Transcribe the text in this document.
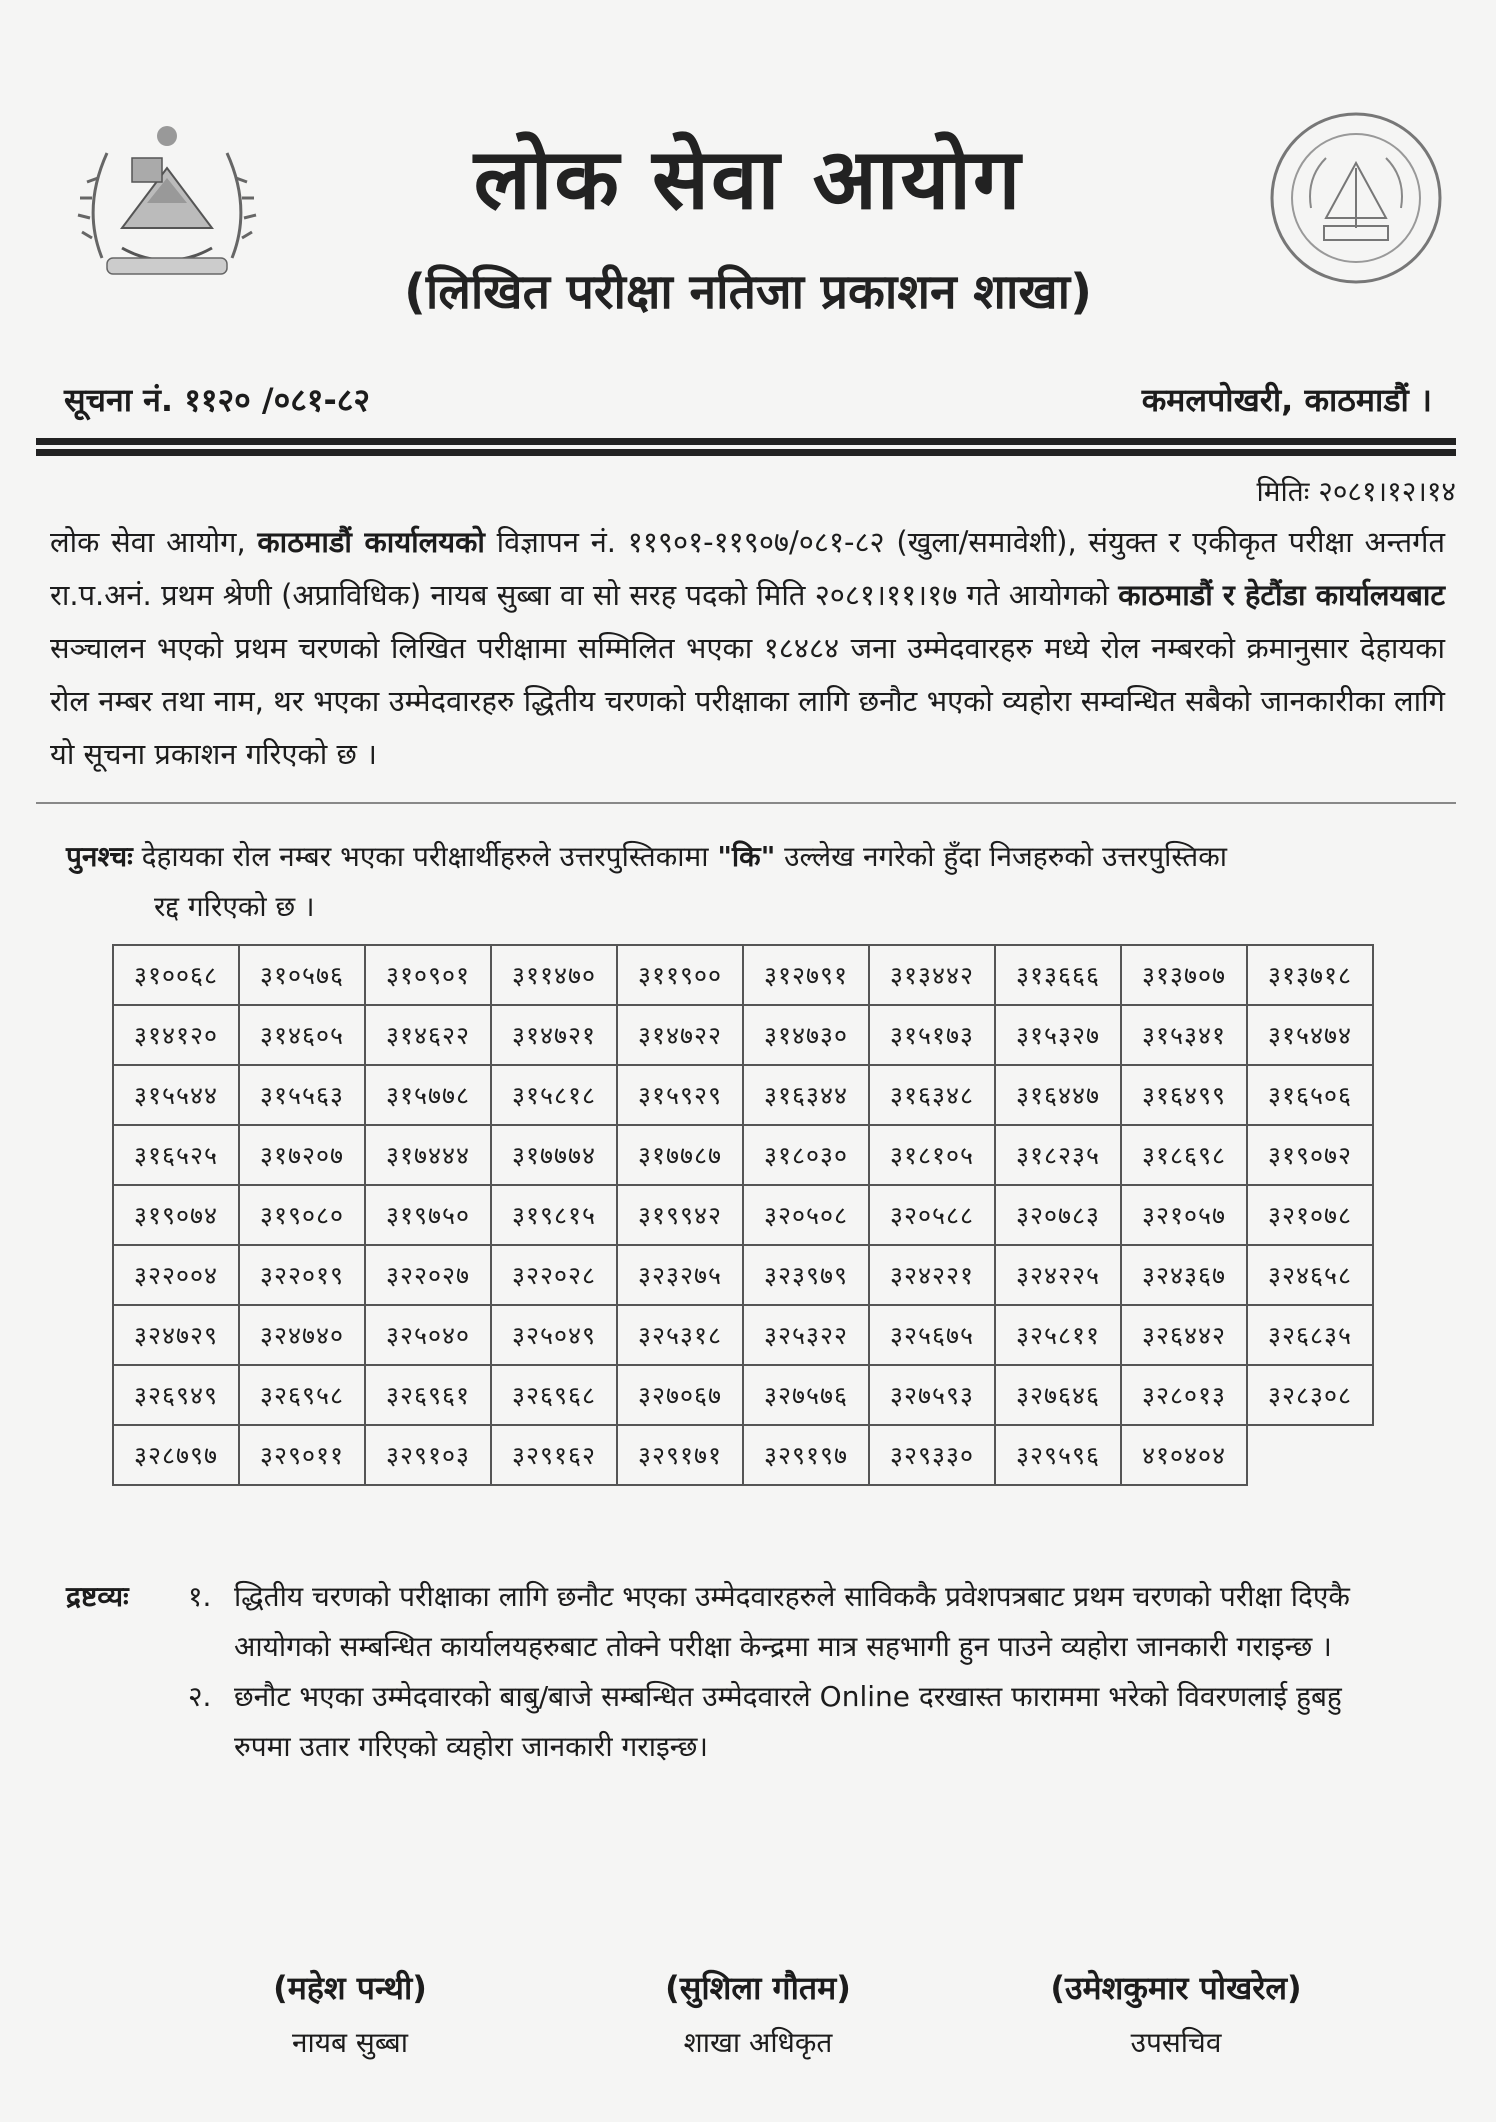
लोक सेवा आयोग
(लिखित परीक्षा नतिजा प्रकाशन शाखा)
सूचना नं. ११२० /०८१-८२	कमलपोखरी, काठमाडौं ।
मितिः २०८१।१२।१४
लोक सेवा आयोग, काठमाडौं कार्यालयको विज्ञापन नं. ११९०१-११९०७/०८१-८२ (खुला/समावेशी), संयुक्त र एकीकृत परीक्षा अन्तर्गत रा.प.अनं. प्रथम श्रेणी (अप्राविधिक) नायब सुब्बा वा सो सरह पदको मिति २०८१।११।१७ गते आयोगको काठमाडौं र हेटौंडा कार्यालयबाट सञ्चालन भएको प्रथम चरणको लिखित परीक्षामा सम्मिलित भएका १८४८४ जना उम्मेदवारहरु मध्ये रोल नम्बरको क्रमानुसार देहायका रोल नम्बर तथा नाम, थर भएका उम्मेदवारहरु द्धितीय चरणको परीक्षाका लागि छनौट भएको व्यहोरा सम्वन्धित सबैको जानकारीका लागि यो सूचना प्रकाशन गरिएको छ ।
पुनश्चः देहायका रोल नम्बर भएका परीक्षार्थीहरुले उत्तरपुस्तिकामा "कि" उल्लेख नगरेको हुँदा निजहरुको उत्तरपुस्तिका
रद्द गरिएको छ ।
३१००६८	३१०५७६	३१०९०१	३११४७०	३११९००	३१२७९१	३१३४४२	३१३६६६	३१३७०७	३१३७१८
३१४१२०	३१४६०५	३१४६२२	३१४७२१	३१४७२२	३१४७३०	३१५१७३	३१५३२७	३१५३४१	३१५४७४
३१५५४४	३१५५६३	३१५७७८	३१५८१८	३१५९२९	३१६३४४	३१६३४८	३१६४४७	३१६४९९	३१६५०६
३१६५२५	३१७२०७	३१७४४४	३१७७७४	३१७७८७	३१८०३०	३१८१०५	३१८२३५	३१८६९८	३१९०७२
३१९०७४	३१९०८०	३१९७५०	३१९८१५	३१९९४२	३२०५०८	३२०५८८	३२०७८३	३२१०५७	३२१०७८
३२२००४	३२२०१९	३२२०२७	३२२०२८	३२३२७५	३२३९७९	३२४२२१	३२४२२५	३२४३६७	३२४६५८
३२४७२९	३२४७४०	३२५०४०	३२५०४९	३२५३१८	३२५३२२	३२५६७५	३२५८११	३२६४४२	३२६८३५
३२६९४९	३२६९५८	३२६९६१	३२६९६८	३२७०६७	३२७५७६	३२७५९३	३२७६४६	३२८०१३	३२८३०८
३२८७९७	३२९०११	३२९१०३	३२९१६२	३२९१७१	३२९१९७	३२९३३०	३२९५९६	४१०४०४	
द्रष्टव्यः	१. द्धितीय चरणको परीक्षाका लागि छनौट भएका उम्मेदवारहरुले साविककै प्रवेशपत्रबाट प्रथम चरणको परीक्षा दिएकै आयोगको सम्बन्धित कार्यालयहरुबाट तोक्ने परीक्षा केन्द्रमा मात्र सहभागी हुन पाउने व्यहोरा जानकारी गराइन्छ ।
२. छनौट भएका उम्मेदवारको बाबु/बाजे सम्बन्धित उम्मेदवारले Online दरखास्त फाराममा भरेको विवरणलाई हुबहु रुपमा उतार गरिएको व्यहोरा जानकारी गराइन्छ।
(महेश पन्थी)
नायब सुब्बा
(सुशिला गौतम)
शाखा अधिकृत
(उमेशकुमार पोखरेल)
उपसचिव
